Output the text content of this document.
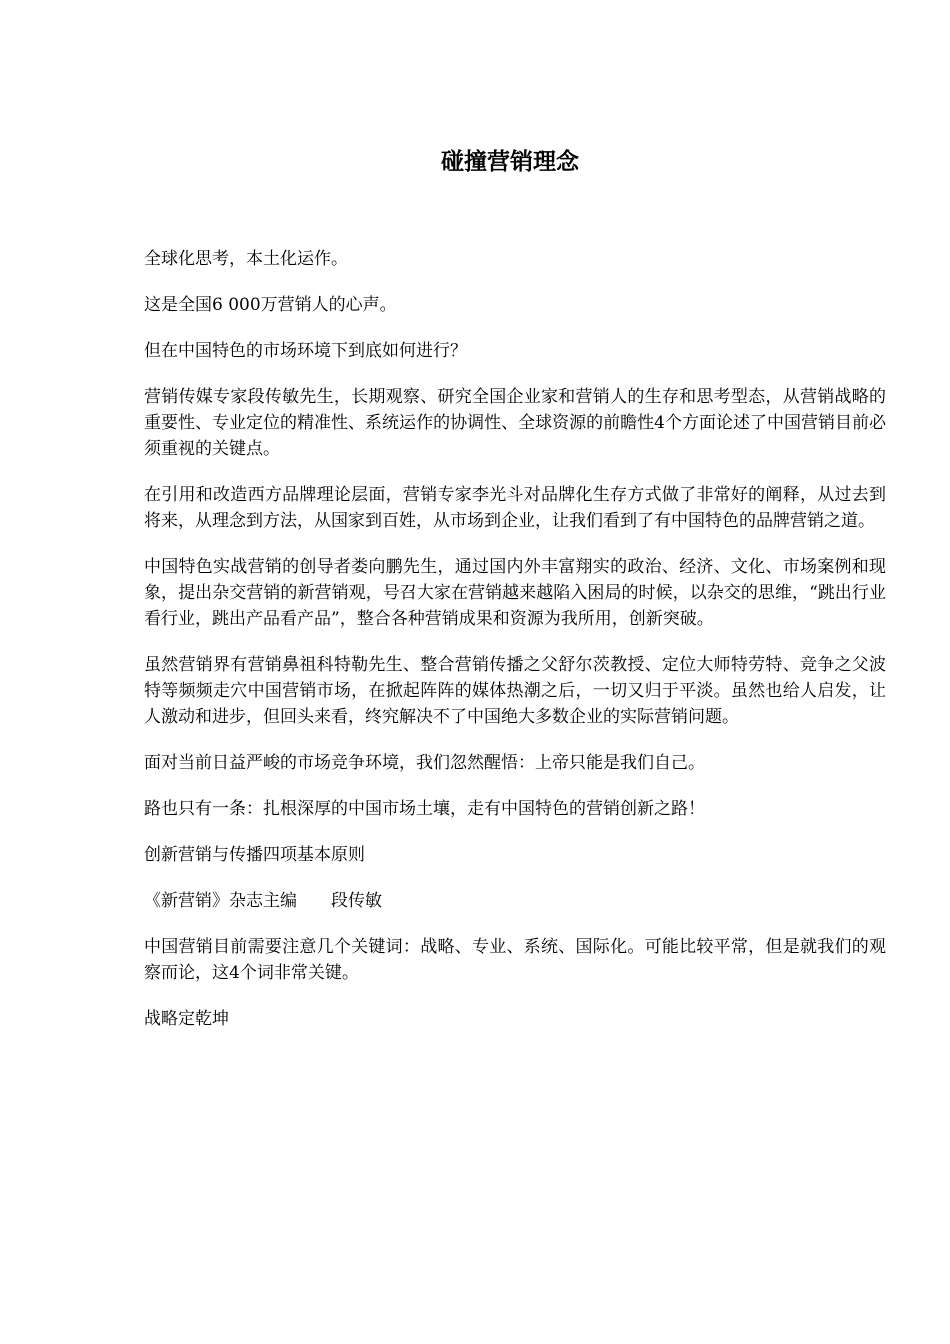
碰撞营销理念

全球化思考，本土化运作。

这是全国6 000万营销人的心声。

但在中国特色的市场环境下到底如何进行？

营销传媒专家段传敏先生，长期观察、研究全国企业家和营销人的生存和思考型态，从营销战略的重要性、专业定位的精准性、系统运作的协调性、全球资源的前瞻性4个方面论述了中国营销目前必须重视的关键点。

在引用和改造西方品牌理论层面，营销专家李光斗对品牌化生存方式做了非常好的阐释，从过去到将来，从理念到方法，从国家到百姓，从市场到企业，让我们看到了有中国特色的品牌营销之道。

中国特色实战营销的创导者娄向鹏先生，通过国内外丰富翔实的政治、经济、文化、市场案例和现象，提出杂交营销的新营销观，号召大家在营销越来越陷入困局的时候，以杂交的思维，“跳出行业看行业，跳出产品看产品”，整合各种营销成果和资源为我所用，创新突破。

虽然营销界有营销鼻祖科特勒先生、整合营销传播之父舒尔茨教授、定位大师特劳特、竞争之父波特等频频走穴中国营销市场，在掀起阵阵的媒体热潮之后，一切又归于平淡。虽然也给人启发，让人激动和进步，但回头来看，终究解决不了中国绝大多数企业的实际营销问题。

面对当前日益严峻的市场竞争环境，我们忽然醒悟：上帝只能是我们自己。

路也只有一条：扎根深厚的中国市场土壤，走有中国特色的营销创新之路！

创新营销与传播四项基本原则

《新营销》杂志主编　　段传敏

中国营销目前需要注意几个关键词：战略、专业、系统、国际化。可能比较平常，但是就我们的观察而论，这4个词非常关键。

战略定乾坤
